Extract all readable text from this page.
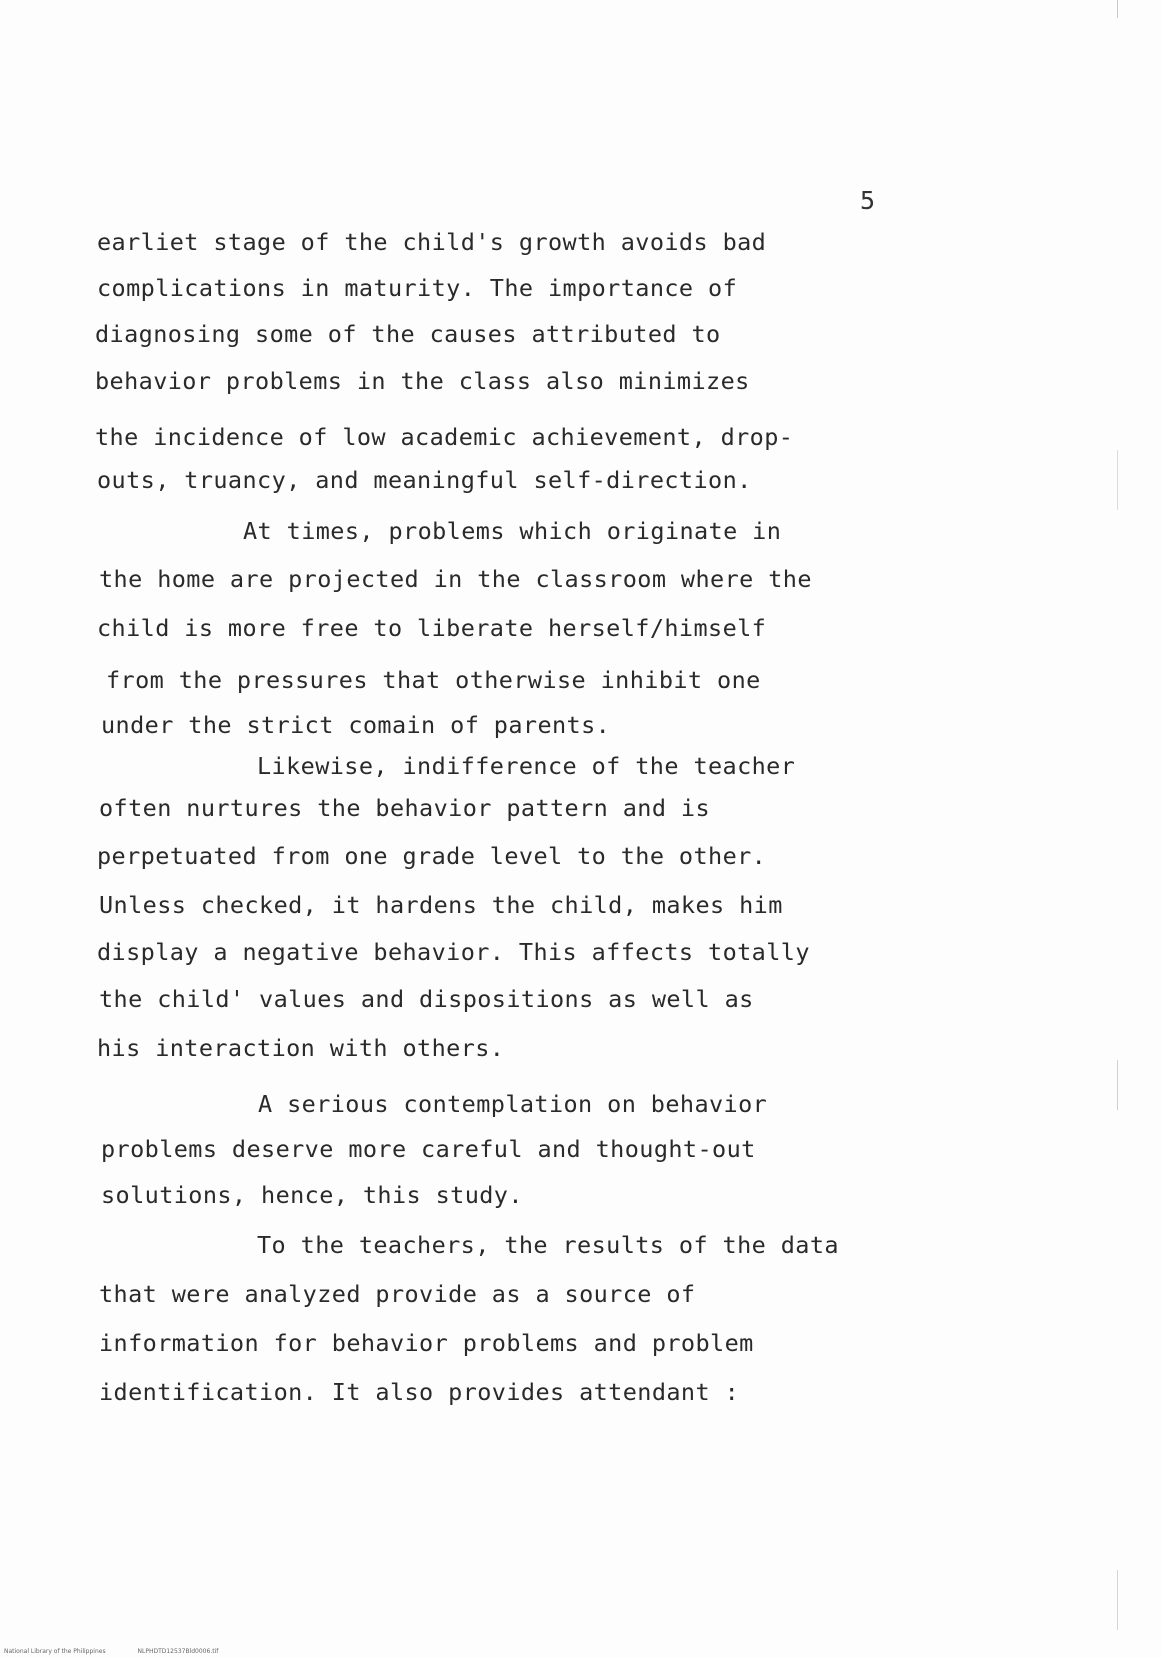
5
earliet stage of the child's growth avoids bad
complications in maturity. The importance of
diagnosing some of the causes attributed to
behavior problems in the class also minimizes
the incidence of low academic achievement, drop-
outs, truancy, and meaningful self-direction.
At times, problems which originate in
the home are projected in the classroom where the
child is more free to liberate herself/himself
from the pressures that otherwise inhibit one
under the strict comain of parents.
Likewise, indifference of the teacher
often nurtures the behavior pattern and is
perpetuated from one grade level to the other.
Unless checked, it hardens the child, makes him
display a negative behavior. This affects totally
the child' values and dispositions as well as
his interaction with others.
A serious contemplation on behavior
problems deserve more careful and thought-out
solutions, hence, this study.
To the teachers, the results of the data
that were analyzed provide as a source of
information for behavior problems and problem
identification. It also provides attendant :
National Library of the Philippines	NLPHDTD12537Bld0006.tif
